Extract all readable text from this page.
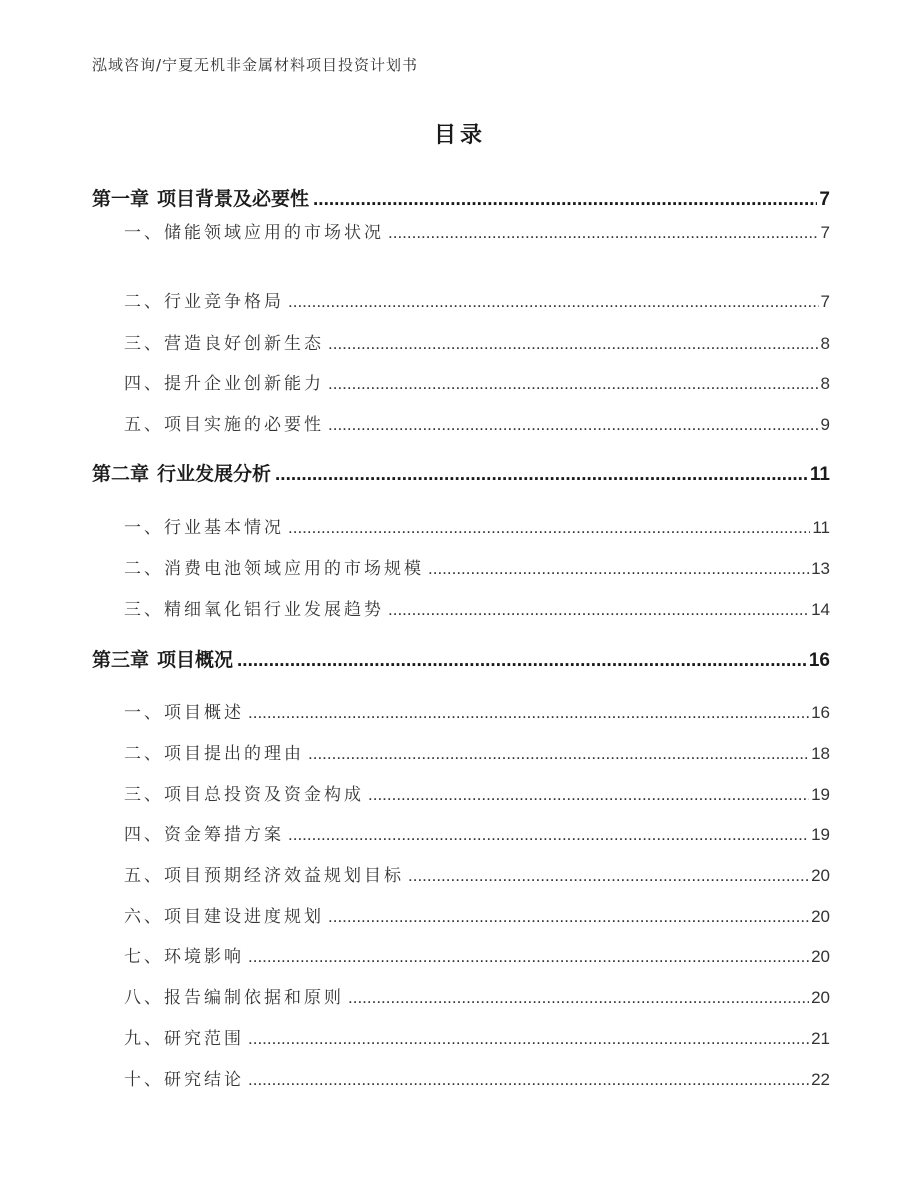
泓域咨询/宁夏无机非金属材料项目投资计划书
目录
第一章 项目背景及必要性 .....	7
一、 储能领域应用的市场状况 .....	7
二、 行业竞争格局 .....	7
三、 营造良好创新生态 .....	8
四、 提升企业创新能力 .....	8
五、 项目实施的必要性 .....	9
第二章 行业发展分析 .....	11
一、 行业基本情况 .....	11
二、 消费电池领域应用的市场规模 .....	13
三、 精细氧化铝行业发展趋势 .....	14
第三章 项目概况 .....	16
一、 项目概述 .....	16
二、 项目提出的理由 .....	18
三、 项目总投资及资金构成 .....	19
四、 资金筹措方案 .....	19
五、 项目预期经济效益规划目标 .....	20
六、 项目建设进度规划 .....	20
七、 环境影响 .....	20
八、 报告编制依据和原则 .....	20
九、 研究范围 .....	21
十、 研究结论 .....	22
